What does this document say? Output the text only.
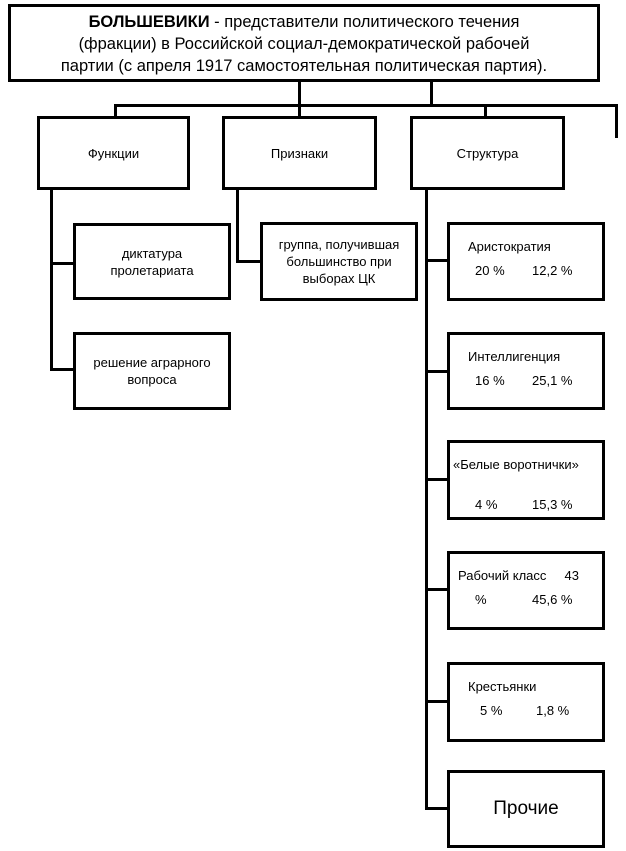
БОЛЬШЕВИКИ - представители политического течения
(фракции) в Российской социал-демократической рабочей
партии (с апреля 1917 самостоятельная политическая партия).
Функции	Признаки	Структура
диктатура
пролетариата
решение аграрного
вопроса
группа, получившая
большинство при
выборах ЦК
Аристократия
20 % 12,2 %
Интеллигенция
16 % 25,1 %
«Белые воротнички»
4 %	15,3 %
Рабочий класс     43
%	45,6 %
Крестьянки
5 %	1,8 %
Прочие
